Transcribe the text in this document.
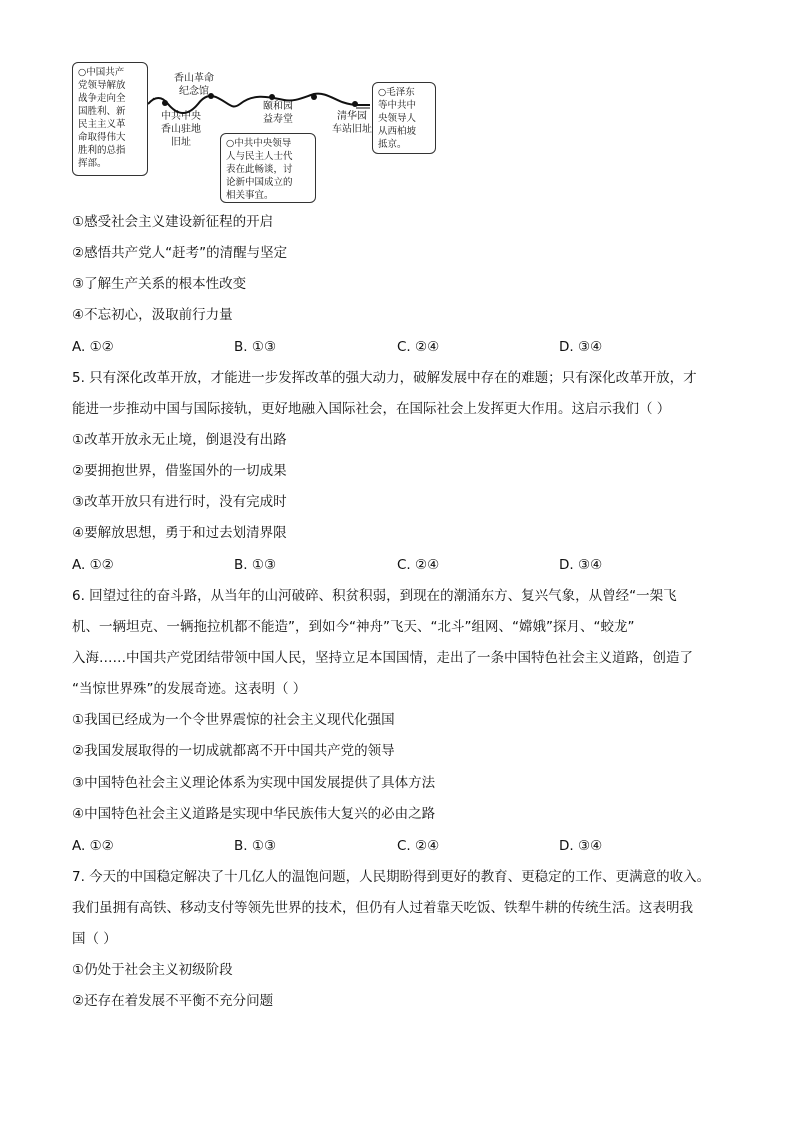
○中国共产
党领导解放
战争走向全
国胜利、新
民主主义革
命取得伟大
胜利的总指
挥部。
香山革命
纪念馆
中共中央
香山驻地
旧址
颐和园
益寿堂	清华园
车站旧址
○中共中央领导
人与民主人士代
表在此畅谈，讨
论新中国成立的
相关事宜。
○毛泽东
等中共中
央领导人
从西柏坡
抵京。
①感受社会主义建设新征程的开启
②感悟共产党人“赶考”的清醒与坚定
③了解生产关系的根本性改变
④不忘初心，汲取前行力量
A. ①②	B. ①③	C. ②④	D. ③④
5. 只有深化改革开放，才能进一步发挥改革的强大动力，破解发展中存在的难题；只有深化改革开放，才
能进一步推动中国与国际接轨，更好地融入国际社会，在国际社会上发挥更大作用。这启示我们（ ）
①改革开放永无止境，倒退没有出路
②要拥抱世界，借鉴国外的一切成果
③改革开放只有进行时，没有完成时
④要解放思想，勇于和过去划清界限
A. ①②	B. ①③	C. ②④	D. ③④
6. 回望过往的奋斗路，从当年的山河破碎、积贫积弱，到现在的潮涌东方、复兴气象，从曾经“一架飞
机、一辆坦克、一辆拖拉机都不能造”，到如今“神舟”飞天、“北斗”组网、“嫦娥”探月、“蛟龙”
入海……中国共产党团结带领中国人民，坚持立足本国国情，走出了一条中国特色社会主义道路，创造了
“当惊世界殊”的发展奇迹。这表明（ ）
①我国已经成为一个令世界震惊的社会主义现代化强国
②我国发展取得的一切成就都离不开中国共产党的领导
③中国特色社会主义理论体系为实现中国发展提供了具体方法
④中国特色社会主义道路是实现中华民族伟大复兴的必由之路
A. ①②	B. ①③	C. ②④	D. ③④
7. 今天的中国稳定解决了十几亿人的温饱问题，人民期盼得到更好的教育、更稳定的工作、更满意的收入。
我们虽拥有高铁、移动支付等领先世界的技术，但仍有人过着靠天吃饭、铁犁牛耕的传统生活。这表明我
国（ ）
①仍处于社会主义初级阶段
②还存在着发展不平衡不充分问题
